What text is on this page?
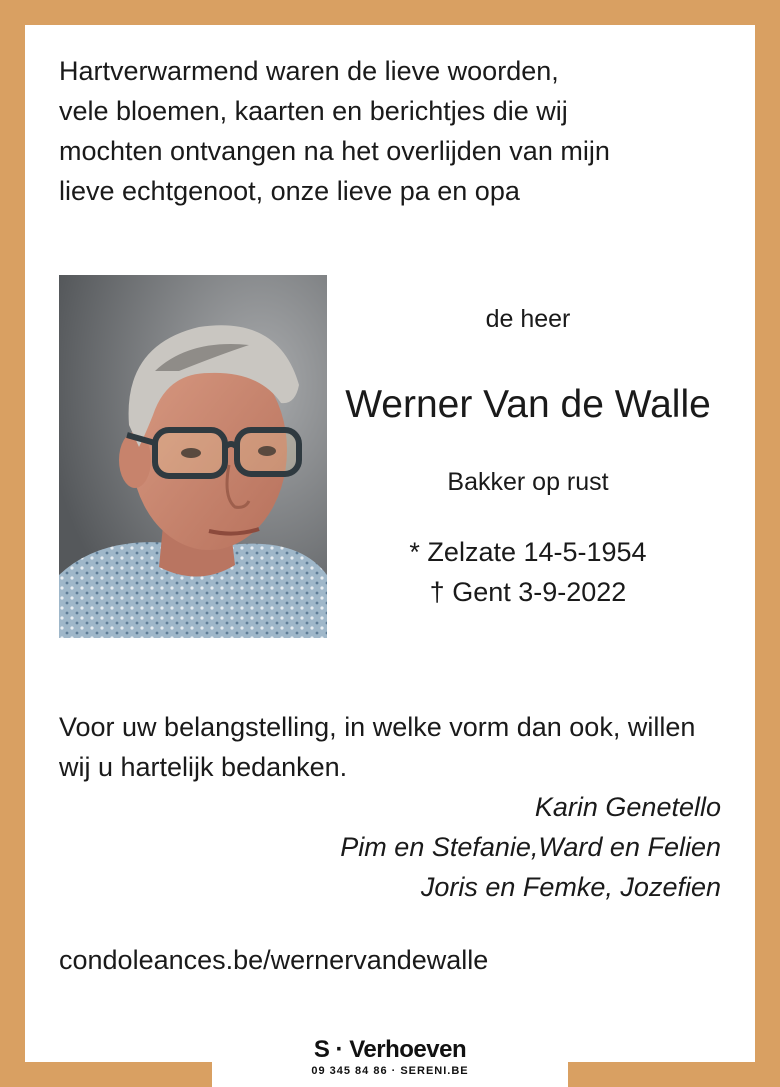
Hartverwarmend waren de lieve woorden,
vele bloemen, kaarten en berichtjes die wij
mochten ontvangen na het overlijden van mijn
lieve echtgenoot, onze lieve pa en opa
de heer
Werner Van de Walle
Bakker op rust
* Zelzate 14-5-1954
† Gent 3-9-2022
Voor uw belangstelling, in welke vorm dan ook, willen
wij u hartelijk bedanken.
Karin Genetello
Pim en Stefanie,Ward en Felien
Joris en Femke, Jozefien
condoleances.be/wernervandewalle
S · Verhoeven
09 345 84 86 · SERENI.BE
